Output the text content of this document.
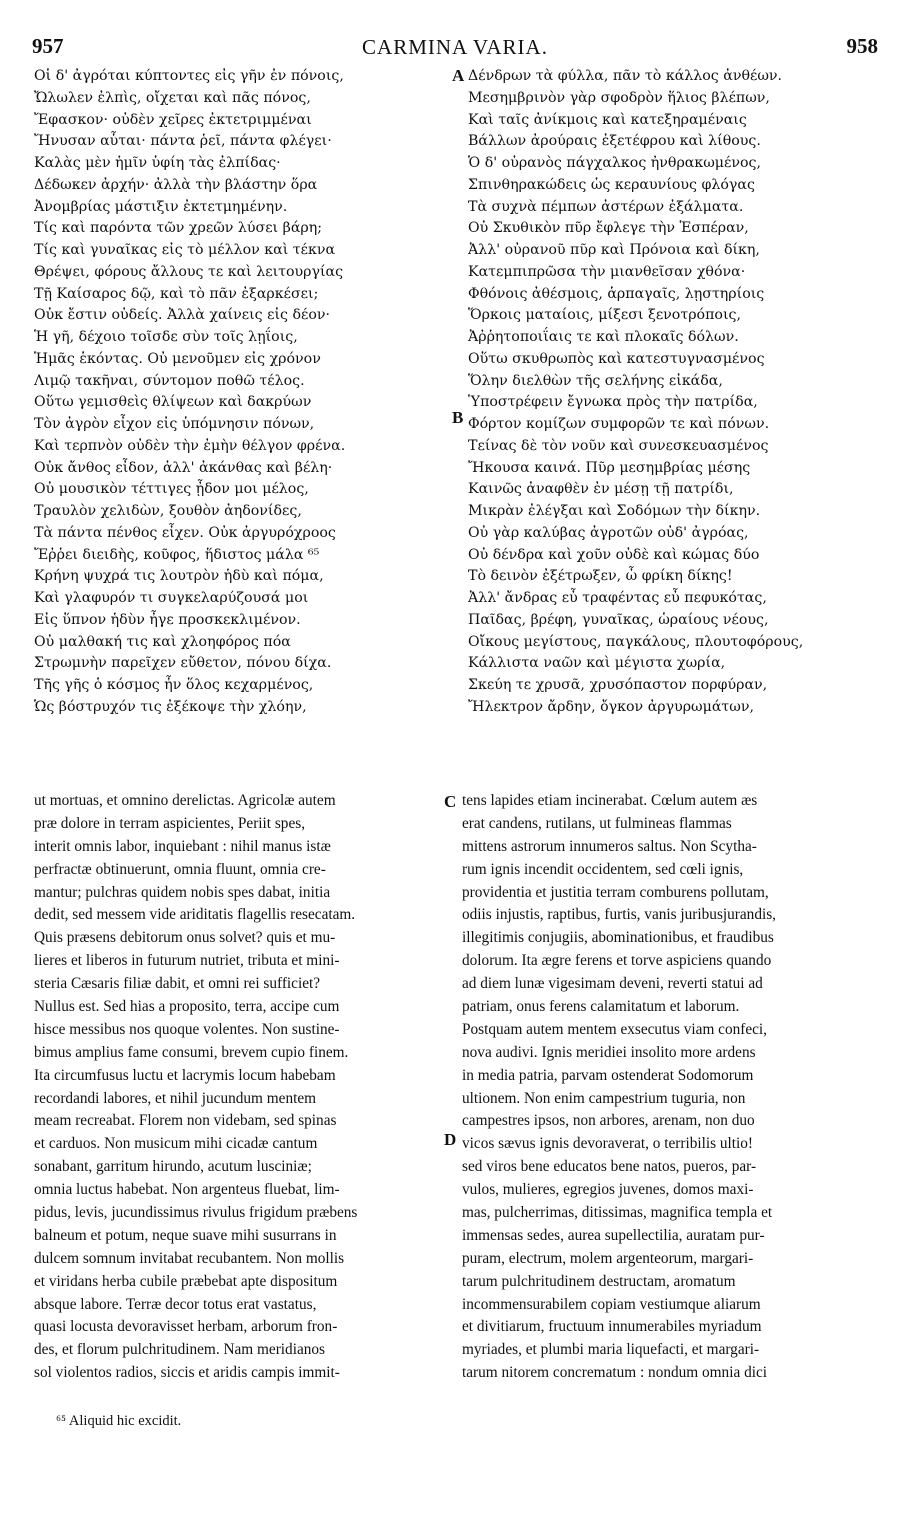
957	CARMINA VARIA.	958
Οἱ δ' ἀγρόται κύπτοντες εἰς γῆν ἐν πόνοις,
Ὤλωλεν ἐλπὶς, οἴχεται καὶ πᾶς πόνος,
Ἔφασκον· οὐδὲν χεῖρες ἐκτετριμμέναι
Ἤνυσαν αὗται· πάντα ῥεῖ, πάντα φλέγει·
Καλὰς μὲν ἡμῖν ὑφίη τὰς ἐλπίδας·
Δέδωκεν ἀρχήν· ἀλλὰ τὴν βλάστην ὅρα
Ἀνομβρίας μάστιξιν ἐκτετμημένην.
Τίς καὶ παρόντα τῶν χρεῶν λύσει βάρη;
Τίς καὶ γυναῖκας εἰς τὸ μέλλον καὶ τέκνα
Θρέψει, φόρους ἄλλους τε καὶ λειτουργίας
Τῇ Καίσαρος δῷ, καὶ τὸ πᾶν ἐξαρκέσει;
Οὐκ ἔστιν οὐδείς. Ἀλλὰ χαίνεις εἰς δέον·
Ἡ γῆ, δέχοιο τοῖσδε σὺν τοῖς λῃΐοις,
Ἡμᾶς ἑκόντας. Οὐ μενοῦμεν εἰς χρόνον
Λιμῷ τακῆναι, σύντομον ποθῶ τέλος.
Οὕτω γεμισθεὶς θλίψεων καὶ δακρύων
Τὸν ἀγρὸν εἶχον εἰς ὑπόμνησιν πόνων,
Καὶ τερπνὸν οὐδὲν τὴν ἐμὴν θέλγον φρένα.
Οὐκ ἄνθος εἶδον, ἀλλ' ἀκάνθας καὶ βέλη·
Οὐ μουσικὸν τέττιγες ᾖδον μοι μέλος,
Τραυλὸν χελιδὼν, ξουθὸν ἀηδονίδες,
Τὰ πάντα πένθος εἶχεν. Οὐκ ἀργυρόχροος
Ἔῤῥει διειδὴς, κοῦφος, ἥδιστος μάλα ⁶⁵
Κρήνη ψυχρά τις λουτρὸν ἡδὺ καὶ πόμα,
Καὶ γλαφυρόν τι συγκελαρύζουσά μοι
Εἰς ὕπνον ἡδὺν ἦγε προσκεκλιμένον.
Οὐ μαλθακή τις καὶ χλοηφόρος πόα
Στρωμνὴν παρεῖχεν εὔθετον, πόνου δίχα.
Τῆς γῆς ὁ κόσμος ἦν ὅλος κεχαρμένος,
Ὡς βόστρυχόν τις ἐξέκοψε τὴν χλόην,
Δένδρων τὰ φύλλα, πᾶν τὸ κάλλος ἀνθέων.
Μεσημβρινὸν γὰρ σφοδρὸν ἥλιος βλέπων,
Καὶ ταῖς ἀνίκμοις καὶ κατεξηραμέναις
Βάλλων ἀρούραις ἐξετέφρου καὶ λίθους.
Ὁ δ' οὐρανὸς πάγχαλκος ἠνθρακωμένος,
Σπινθηρακώδεις ὡς κεραυνίους φλόγας
Τὰ συχνὰ πέμπων ἀστέρων ἐξάλματα.
Οὐ Σκυθικὸν πῦρ ἔφλεγε τὴν Ἑσπέραν,
Ἀλλ' οὐρανοῦ πῦρ καὶ Πρόνοια καὶ δίκη,
Κατεμπιπρῶσα τὴν μιανθεῖσαν χθόνα·
Φθόνοις ἀθέσμοις, ἁρπαγαῖς, λῃστηρίοις
Ὅρκοις ματαίοις, μίξεσι ξενοτρόποις,
Ἀῤῥητοποιΐαις τε καὶ πλοκαῖς δόλων.
Οὕτω σκυθρωπὸς καὶ κατεστυγνασμένος
Ὅλην διελθὼν τῆς σελήνης εἰκάδα,
Ὑποστρέφειν ἔγνωκα πρὸς τὴν πατρίδα,
Φόρτον κομίζων συμφορῶν τε καὶ πόνων.
Τείνας δὲ τὸν νοῦν καὶ συνεσκευασμένος
Ἤκουσα καινά. Πῦρ μεσημβρίας μέσης
Καινῶς ἀναφθὲν ἐν μέσῃ τῇ πατρίδι,
Μικρὰν ἐλέγξαι καὶ Σοδόμων τὴν δίκην.
Οὐ γὰρ καλύβας ἀγροτῶν οὐδ' ἀγρόας,
Οὐ δένδρα καὶ χοῦν οὐδὲ καὶ κώμας δύο
Τὸ δεινὸν ἐξέτρωξεν, ὦ φρίκη δίκης!
Ἀλλ' ἄνδρας εὖ τραφέντας εὖ πεφυκότας,
Παῖδας, βρέφη, γυναῖκας, ὡραίους νέους,
Οἴκους μεγίστους, παγκάλους, πλουτοφόρους,
Κάλλιστα ναῶν καὶ μέγιστα χωρία,
Σκεύη τε χρυσᾶ, χρυσόπαστον πορφύραν,
Ἤλεκτρον ἄρδην, ὄγκον ἀργυρωμάτων,
ut mortuas, et omnino derelictas. Agricolæ autem
præ dolore in terram aspicientes, Periit spes,
interit omnis labor, inquiebant : nihil manus istæ
perfractæ obtinuerunt, omnia fluunt, omnia cre-
mantur; pulchras quidem nobis spes dabat, initia
dedit, sed messem vide ariditatis flagellis resecatam.
Quis præsens debitorum onus solvet? quis et mu-
lieres et liberos in futurum nutriet, tributa et mini-
steria Cæsaris filiæ dabit, et omni rei sufficiet?
Nullus est. Sed hias a proposito, terra, accipe cum
hisce messibus nos quoque volentes. Non sustine-
bimus amplius fame consumi, brevem cupio finem.
Ita circumfusus luctu et lacrymis locum habebam
recordandi labores, et nihil jucundum mentem
meam recreabat. Florem non videbam, sed spinas
et carduos. Non musicum mihi cicadæ cantum
sonabant, garritum hirundo, acutum lusciniæ;
omnia luctus habebat. Non argenteus fluebat, lim-
pidus, levis, jucundissimus rivulus frigidum præbens
balneum et potum, neque suave mihi susurrans in
dulcem somnum invitabat recubantem. Non mollis
et viridans herba cubile præbebat apte dispositum
absque labore. Terræ decor totus erat vastatus,
quasi locusta devoravisset herbam, arborum fron-
des, et florum pulchritudinem. Nam meridianos
sol violentos radios, siccis et aridis campis immit-
tens lapides etiam incinerabat. Cœlum autem æs
erat candens, rutilans, ut fulmineas flammas
mittens astrorum innumeros saltus. Non Scytha-
rum ignis incendit occidentem, sed cœli ignis,
providentia et justitia terram comburens pollutam,
odiis injustis, raptibus, furtis, vanis juribusjurandis,
illegitimis conjugiis, abominationibus, et fraudibus
dolorum. Ita ægre ferens et torve aspiciens quando
ad diem lunæ vigesimam deveni, reverti statui ad
patriam, onus ferens calamitatum et laborum.
Postquam autem mentem exsecutus viam confeci,
nova audivi. Ignis meridiei insolito more ardens
in media patria, parvam ostenderat Sodomorum
ultionem. Non enim campestrium tuguria, non
campestres ipsos, non arbores, arenam, non duo
vicos sævus ignis devoraverat, o terribilis ultio!
sed viros bene educatos bene natos, pueros, par-
vulos, mulieres, egregios juvenes, domos maxi-
mas, pulcherrimas, ditissimas, magnifica templa et
immensas sedes, aurea supellectilia, auratam pur-
puram, electrum, molem argenteorum, margari-
tarum pulchritudinem destructam, aromatum
incommensurabilem copiam vestiumque aliarum
et divitiarum, fructuum innumerabiles myriadum
myriades, et plumbi maria liquefacti, et margari-
tarum nitorem concrematum : nondum omnia dici
A
B
C
D
⁶⁵ Aliquid hic excidit.
